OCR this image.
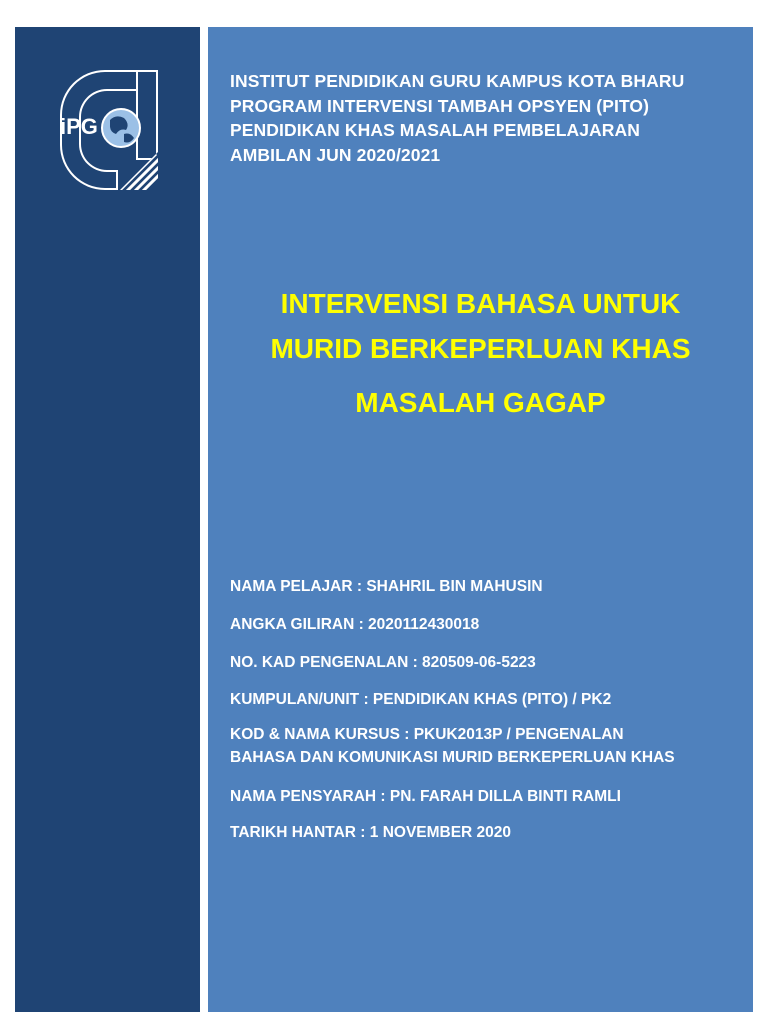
iPG
INSTITUT PENDIDIKAN GURU KAMPUS KOTA BHARU
PROGRAM INTERVENSI TAMBAH OPSYEN (PITO)
PENDIDIKAN KHAS MASALAH PEMBELAJARAN
AMBILAN JUN 2020/2021
INTERVENSI BAHASA UNTUK
MURID BERKEPERLUAN KHAS
MASALAH GAGAP
NAMA PELAJAR : SHAHRIL BIN MAHUSIN
ANGKA GILIRAN : 2020112430018
NO. KAD PENGENALAN : 820509-06-5223
KUMPULAN/UNIT : PENDIDIKAN KHAS (PITO) / PK2
KOD & NAMA KURSUS : PKUK2013P / PENGENALAN
BAHASA DAN KOMUNIKASI MURID BERKEPERLUAN KHAS
NAMA PENSYARAH : PN. FARAH DILLA BINTI RAMLI
TARIKH HANTAR : 1 NOVEMBER 2020
